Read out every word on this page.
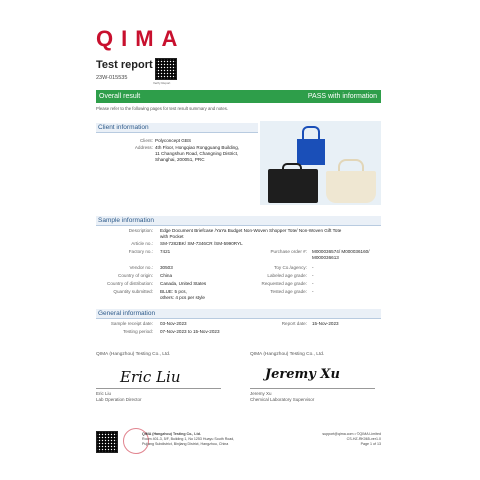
QIMA
Test report
23W-015535
Verify Report
Overall result	PASS with information
Please refer to the following pages for test result summary and notes.
Client information
Client: Polyconcept GBS
Address: 4th Floor, Hongqiao Rongguang Building,
11 Changshun Road, Changning District,
Shanghai, 200051, PRC
Sample information
Description: Edge Document Briefcase /YaYa Budget Non-Woven Shopper Tote/ Non-Woven Gift Tote
with Pocket
Article no.: SM-7282BK/ SM-7346CR /SM-5990RYL
Factory no.: 7421	Purchase order #: M000036574/ M000036160/
M000036613
Vendor no.: 30503	Toy Co./agency: -
Country of origin: China	Labeled age grade: -
Country of distribution: Canada, United States	Requested age grade: -
Quantity submitted: BLUE: 5 pcs,
others: 4 pcs per style
Tested age grade: -
General information
Sample receipt date: 03-Nov-2023	Report date: 15-Nov-2023
Testing period: 07-Nov-2023 to 15-Nov-2023
QIMA (Hangzhou) Testing Co., Ltd.
Eric Liu
Eric Liu
Lab Operation Director
QIMA (Hangzhou) Testing Co., Ltd.
Jeremy Xu
Jeremy Xu
Chemical Laboratory Supervisor
QIMA (Hangzhou) Testing Co., Ltd.
Room 401-3, 5/F, Building 1, No 1253 Huayu South Road,
Pujiang Subdistrict, Binjiang District, Hangzhou, China
support@qima.com • ©QIMA Limited
CS-HZ-RK065-ver1.0
Page 1 of 13
